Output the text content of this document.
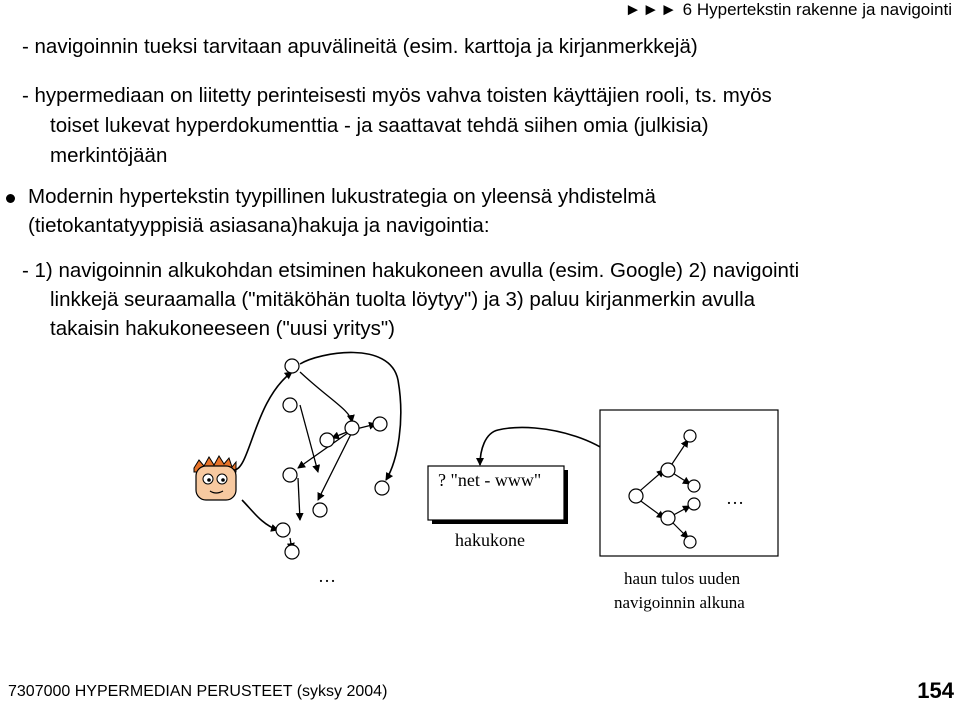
►►► 6 Hypertekstin rakenne ja navigointi
- navigoinnin tueksi tarvitaan apuvälineitä (esim. karttoja ja kirjanmerkkejä)
- hypermediaan on liitetty perinteisesti myös vahva toisten käyttäjien rooli, ts. myös
toiset lukevat hyperdokumenttia - ja saattavat tehdä siihen omia (julkisia)
merkintöjään
Modernin hypertekstin tyypillinen lukustrategia on yleensä yhdistelmä
(tietokantatyyppisiä asiasana)hakuja ja navigointia:
- 1) navigoinnin alkukohdan etsiminen hakukoneen avulla (esim. Google) 2) navigointi
linkkejä seuraamalla ("mitäköhän tuolta löytyy") ja 3) paluu kirjanmerkin avulla
takaisin hakukoneeseen ("uusi yritys")
…
? "net - www"
hakukone
…
haun tulos uuden
navigoinnin alkuna
7307000 HYPERMEDIAN PERUSTEET (syksy 2004)	154
